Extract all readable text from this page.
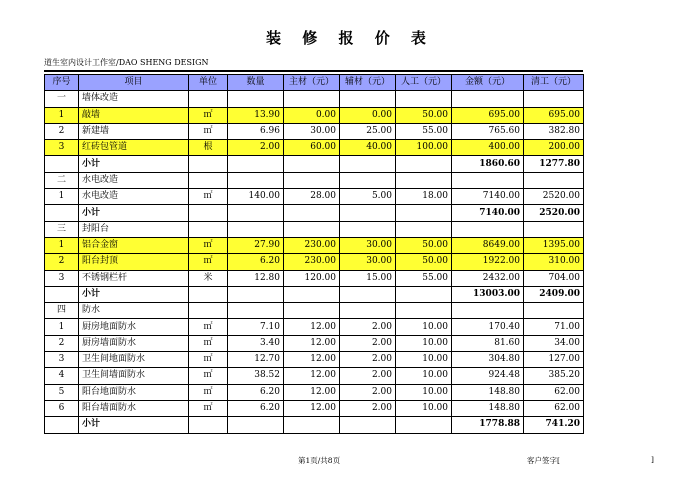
装 修 报 价 表
道生室内设计工作室/DAO SHENG DESIGN
序号	项目	单位	数量	主材（元）	辅材（元）	人工（元）	金额（元）	清工（元）
一	墙体改造							
1	敲墙	㎡	13.90	0.00	0.00	50.00	695.00	695.00
2	新建墙	㎡	6.96	30.00	25.00	55.00	765.60	382.80
3	红砖包管道	根	2.00	60.00	40.00	100.00	400.00	200.00
	小计						1860.60	1277.80
二	水电改造							
1	水电改造	㎡	140.00	28.00	5.00	18.00	7140.00	2520.00
	小计						7140.00	2520.00
三	封阳台							
1	铝合金窗	㎡	27.90	230.00	30.00	50.00	8649.00	1395.00
2	阳台封顶	㎡	6.20	230.00	30.00	50.00	1922.00	310.00
3	不锈钢栏杆	米	12.80	120.00	15.00	55.00	2432.00	704.00
	小计						13003.00	2409.00
四	防水							
1	厨房地面防水	㎡	7.10	12.00	2.00	10.00	170.40	71.00
2	厨房墙面防水	㎡	3.40	12.00	2.00	10.00	81.60	34.00
3	卫生间地面防水	㎡	12.70	12.00	2.00	10.00	304.80	127.00
4	卫生间墙面防水	㎡	38.52	12.00	2.00	10.00	924.48	385.20
5	阳台地面防水	㎡	6.20	12.00	2.00	10.00	148.80	62.00
6	阳台墙面防水	㎡	6.20	12.00	2.00	10.00	148.80	62.00
	小计						1778.88	741.20
第1页/共8页	客户签字[	]
